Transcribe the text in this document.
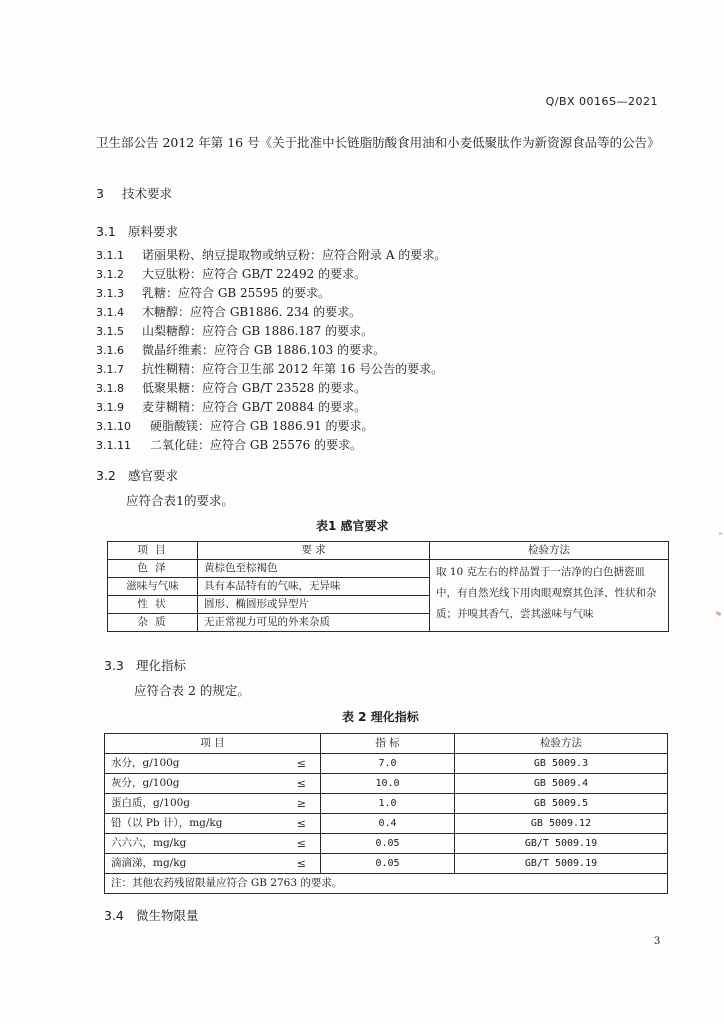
Q/BX 0016S—2021
卫生部公告 2012 年第 16 号《关于批准中长链脂肪酸食用油和小麦低聚肽作为新资源食品等的公告》
3 技术要求
3.1 原料要求
3.1.1 诺丽果粉、纳豆提取物或纳豆粉：应符合附录 A 的要求。
3.1.2 大豆肽粉：应符合 GB/T 22492 的要求。
3.1.3 乳糖：应符合 GB 25595 的要求。
3.1.4 木糖醇：应符合 GB1886. 234 的要求。
3.1.5 山梨糖醇：应符合 GB 1886.187 的要求。
3.1.6 微晶纤维素：应符合 GB 1886.103 的要求。
3.1.7 抗性糊精：应符合卫生部 2012 年第 16 号公告的要求。
3.1.8 低聚果糖：应符合 GB/T 23528 的要求。
3.1.9 麦芽糊精：应符合 GB/T 20884 的要求。
3.1.10 硬脂酸镁：应符合 GB 1886.91 的要求。
3.1.11 二氧化硅：应符合 GB 25576 的要求。
3.2 感官要求
应符合表1的要求。
表1 感官要求
项 目	要 求	检验方法
色 泽	黄棕色至棕褐色	取 10 克左右的样品置于一洁净的白色搪瓷皿中，有自然光线下用肉眼观察其色泽、性状和杂质；并嗅其香气，尝其滋味与气味
滋味与气味	具有本品特有的气味，无异味	
性 状	圆形、椭圆形或异型片	
杂 质	无正常视力可见的外来杂质	
3.3 理化指标
应符合表 2 的规定。
表 2 理化指标
项 目		指 标	检验方法
水分，g/100g	≤	7.0	GB 5009.3
灰分，g/100g	≤	10.0	GB 5009.4
蛋白质，g/100g	≥	1.0	GB 5009.5
铅（以 Pb 计），mg/kg	≤	0.4	GB 5009.12
六六六，mg/kg	≤	0.05	GB/T 5009.19
滴滴涕，mg/kg	≤	0.05	GB/T 5009.19
注：其他农药残留限量应符合 GB 2763 的要求。			
3.4 微生物限量
3
